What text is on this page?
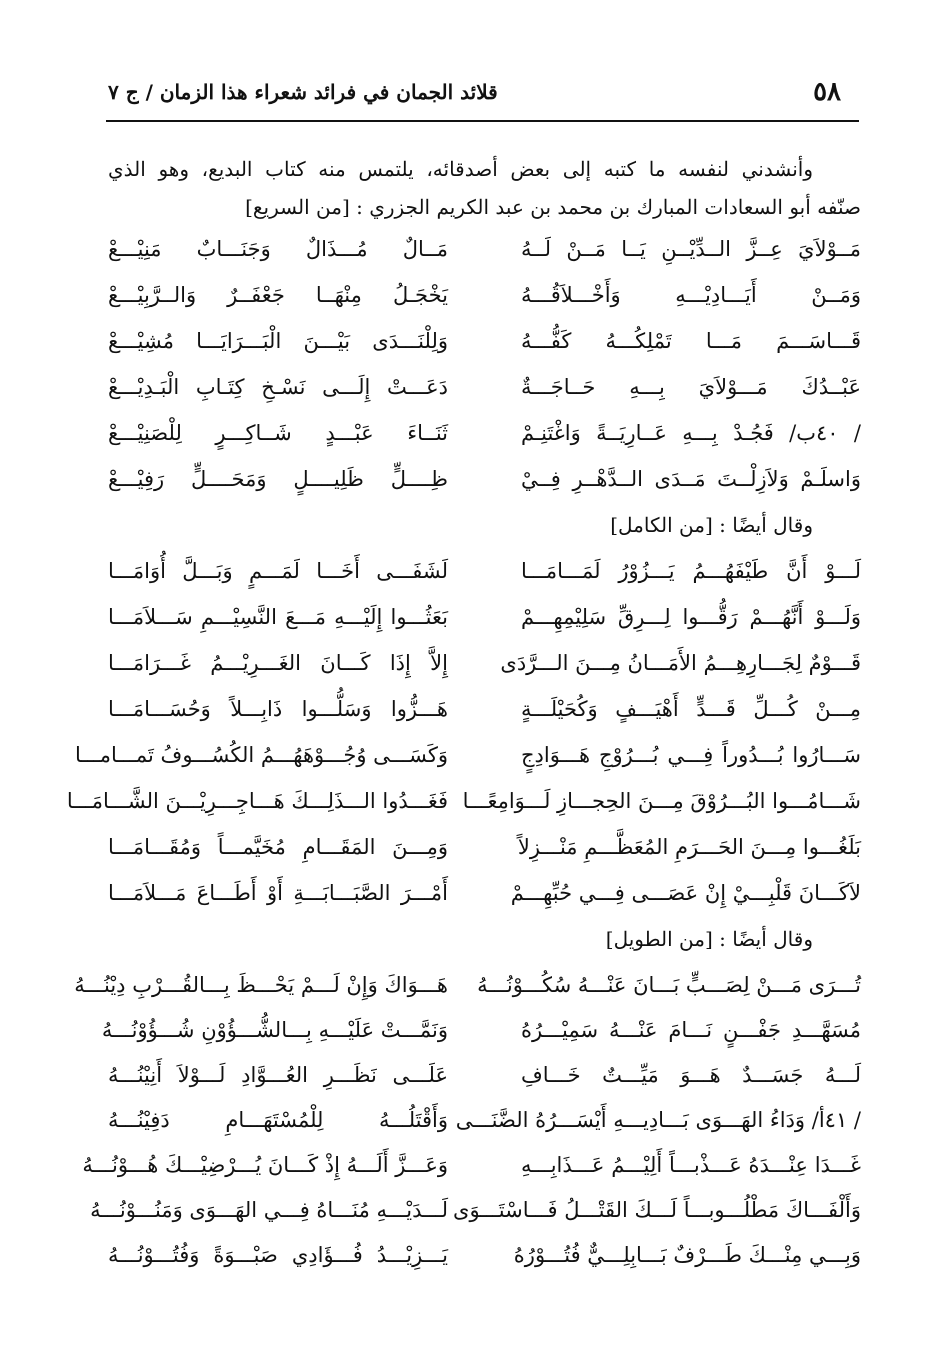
٥٨
قلائد الجمان في فرائد شعراء هذا الزمان / ج ٧

وأنشدني لنفسه ما كتبه إلى بعض أصدقائه، يلتمس منه كتاب البديع، وهو الذي

صنّفه أبو السعادات المبارك بن محمد بن عبد الكريم الجزري : [من السريع]

مَــوْلاَيَ عِــزَّ الــدِّيْــنِ يَــا مَــنْ لَــهُ
مَــالٌ مُـــذَالٌ وَجَنَـــابٌ مَنِيْـــعْ
وَمَــنْ أَيَـــادِيْـــهِ وَأَخْـــلاَقُـــهُ
يَخْجَـلُ مِنْهَــا جَعْفَــرٌ وَالــرَّبِيْـــعْ
قَـــاسَـــمَ مَـــا تَمْلِكُـــهُ كَفُّـــهُ
وَلِلْنَـــدَى بَيْـــنَ الْبَـــرَايَـــا مُشِيْـــعْ
عَبْــدُكَ مَـــوْلاَيَ بِـــهِ حَــاجَـــةٌ
دَعَـــتْ إِلَـــى نَسْـخِ كِتَـابِ الْبَـدِيْـــعْ
/ ٤٠ب/ فَجُـدْ بِـــهِ عَــارِيَــةً وَاغْتَنِـمْ
ثَنَــاءَ عَبْـــدٍ شَــاكِـــرٍ لِلْصَنِيْـــعْ
وَاسلَـمْ وَلاَزِلْــتَ مَــدَى الــدَّهْــرِ فِــيْ
ظِــــلٍّ ظَلِيــــلٍ وَمَحَــــلٍّ رَفِيْـــعْ

وقال أيضًا : [من الكامل]

لَـــوْ أَنَّ طَيْفَهُـــمُ يَـــزُوْرُ لَمَـــامَـــا
لَشَفَـــى أَخَـــا لَمَـــمٍ وَبَـــلَّ أُوَامَـــا
وَلَـــوْ أَنَّهُـــمْ رَقُّـــوا لِـــرِقِّ سَلِيْمِهِـــمْ
بَعَثُـــوا إِلَيْـــهِ مَـــعَ النَّسِيْـــمِ سَـــلاَمَـــا
قَـــوْمٌ لِجَـــارِهِـــمُ الأَمَـــانُ مِـــنَ الـــرَّدَى
إِلاَّ إِذَا كَـــانَ الغَـــرِيْـــمُ غَـــرَامَـــا
مِـــنْ كُـــلِّ قَـــدٍّ أَهْيَـــفٍ وَكُحَيْلَـــةٍ
هَـــزُّوا وَسَلُّـــوا ذَابِـــلاً وَحُسَـــامَـــا
سَـــارُوا بُـــدُوراً فِـــي بُـــرُوْجِ هَـــوَادِجٍ
وَكَسَـــى وُجُـــوْهَهُـــمُ الكُسُـــوفُ تَمـــامـــا
شَـــامُـــوا البُـــرُوْقَ مِـــنَ الحِجـــازِ لَـــوَامِعًـــا
فَغَـــدُوا الـــذَلِـــكَ هَـــاجِـــرِيْـــنَ الشَّـــامَـــا
بَلَغُـــوا مِـــنَ الحَـــرَمِ المُعَظَّـــمِ مَنْـــزِلاً
وَمِـــنَ المَقَـــامِ مُخَيَّمـــاً وَمُقَـــامَـــا
لاَكَـــانَ قَلْبِـــيْ إِنْ عَصَـــى فِـــي حُبِّهِـــمْ
أَمْـــرَ الصَّبَـــابَـــةِ أَوْ أَطَـــاعَ مَـــلاَمَـــا

وقال أيضًا : [من الطويل]

تُـــرَى مَـــنْ لِصَـــبٍّ بَـــانَ عَنْـــهُ سُكُـــوْنُـــهُ
هَـــوَاكَ وَإِنْ لَـــمْ يَحْـــظَ بِـــالقُـــرْبِ دِيْنُـــهُ
مُسَهَّـــدِ جَفْـــنٍ نَـــامَ عَنْـــهُ سَمِيْـــرُهُ
وَنَمَّـــتْ عَلَيْـــهِ بِـــالشُّـــؤُوْنِ شُـــؤُوْنُـــهُ
لَـــهُ جَسَـــدٌ هَـــوَ مَيِّـــتٌ خَـــافِ
عَلَـــى نَظَـــرِ العُـــوَّادِ لَـــوْلاَ أَنِيْنُـــهُ
/ ٤١أ/ وَدَاءُ الهَـــوَى بَـــادِيـــهِ أَيْسَـــرُهُ الضَّنَـــى
وَأَقْتَلُـــهُ لِلْمُسْتَهَـــامِ دَفِيْنُـــهُ
غَـــدَا عِنْـــدَهُ عَـــذْبـــاً أَلِيْـــمُ عَـــذَابِـــهِ
وَعَـــزَّ أَلَـــهُ إِذْ كَـــانَ يُـــرْضِيْـــكَ هُـــوْنُـــهُ
وَأَلْفَـــاكَ مَطْلُـــوبـــاً لَـــكَ القَتْـــلُ فَـــاسْتَـــوَى
لَـــدَيْـــهِ مُنَـــاهُ فِـــي الهَـــوَى وَمَنُـــوْنُـــهُ
وَبِـــي مِنْـــكَ طَـــرْفٌ بَـــابِلِـــيٌّ فُتُـــوْرُهُ
يَـــزِيْـــدُ فُـــؤَادِي صَبْـــوَةً وَفُتُـــوْنُـــهُ
